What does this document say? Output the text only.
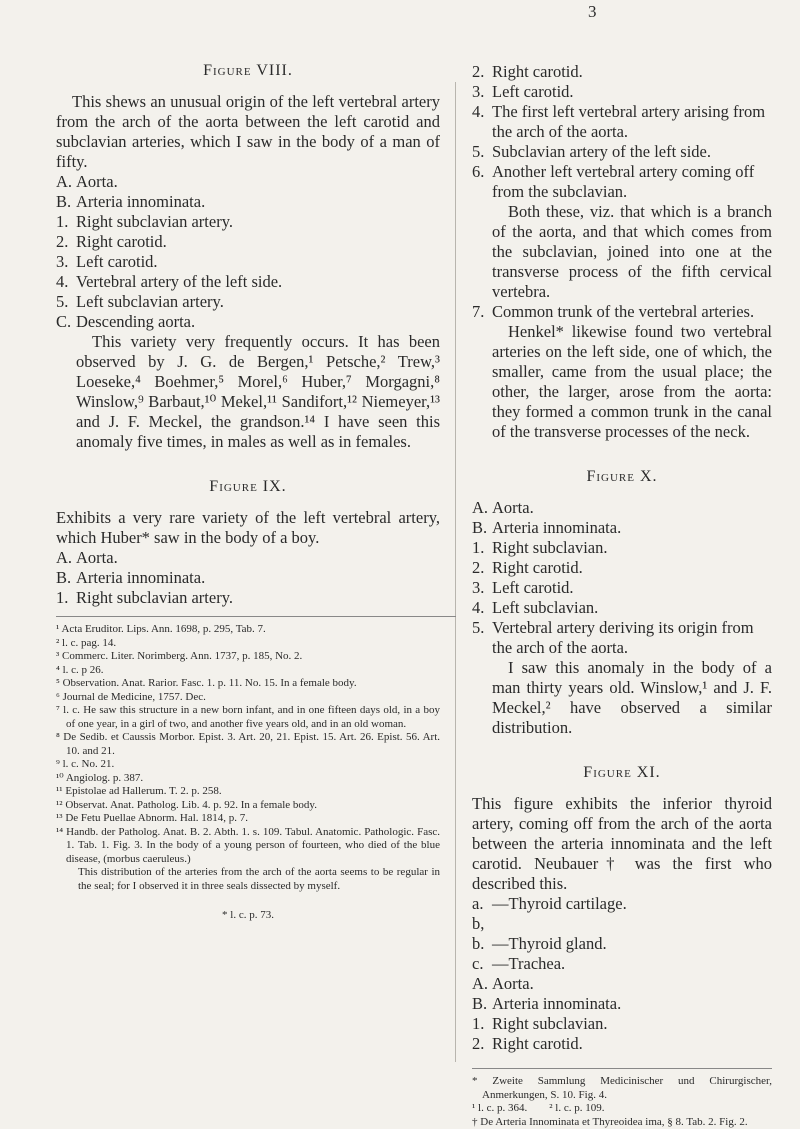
3
Figure VIII.

This shews an unusual origin of the left vertebral artery from the arch of the aorta between the left carotid and subclavian arteries, which I saw in the body of a man of fifty.

A. Aorta.

B. Arteria innominata.

1. Right subclavian artery.

2. Right carotid.

3. Left carotid.

4. Vertebral artery of the left side.

5. Left subclavian artery.

C. Descending aorta.

This variety very frequently occurs. It has been observed by J. G. de Bergen,¹ Petsche,² Trew,³ Loeseke,⁴ Boehmer,⁵ Morel,⁶ Huber,⁷ Morgagni,⁸ Winslow,⁹ Barbaut,¹⁰ Mekel,¹¹ Sandifort,¹² Niemeyer,¹³ and J. F. Meckel, the grandson.¹⁴ I have seen this anomaly five times, in males as well as in females.

Figure IX.

Exhibits a very rare variety of the left vertebral artery, which Huber* saw in the body of a boy.

A. Aorta.

B. Arteria innominata.

1. Right subclavian artery.

¹ Acta Eruditor. Lips. Ann. 1698, p. 295, Tab. 7.

² l. c. pag. 14.

³ Commerc. Liter. Norimberg. Ann. 1737, p. 185, No. 2.

⁴ l. c. p 26.

⁵ Observation. Anat. Rarior. Fasc. 1. p. 11. No. 15. In a female body.

⁶ Journal de Medicine, 1757. Dec.

⁷ l. c. He saw this structure in a new born infant, and in one fifteen days old, in a boy of one year, in a girl of two, and another five years old, and in an old woman.

⁸ De Sedib. et Caussis Morbor. Epist. 3. Art. 20, 21. Epist. 15. Art. 26. Epist. 56. Art. 10. and 21.

⁹ l. c. No. 21.

¹⁰ Angiolog. p. 387.

¹¹ Epistolae ad Hallerum. T. 2. p. 258.

¹² Observat. Anat. Patholog. Lib. 4. p. 92. In a female body.

¹³ De Fetu Puellae Abnorm. Hal. 1814, p. 7.

¹⁴ Handb. der Patholog. Anat. B. 2. Abth. 1. s. 109. Tabul. Anatomic. Pathologic. Fasc. 1. Tab. 1. Fig. 3. In the body of a young person of fourteen, who died of the blue disease, (morbus caeruleus.)

This distribution of the arteries from the arch of the aorta seems to be regular in the seal; for I observed it in three seals dissected by myself.

* l. c. p. 73.

2. Right carotid.

3. Left carotid.

4. The first left vertebral artery arising from the arch of the aorta.

5. Subclavian artery of the left side.

6. Another left vertebral artery coming off from the subclavian.

Both these, viz. that which is a branch of the aorta, and that which comes from the subclavian, joined into one at the transverse process of the fifth cervical vertebra.

7. Common trunk of the vertebral arteries.

Henkel* likewise found two vertebral arteries on the left side, one of which, the smaller, came from the usual place; the other, the larger, arose from the aorta: they formed a common trunk in the canal of the transverse processes of the neck.

Figure X.

A. Aorta.

B. Arteria innominata.

1. Right subclavian.

2. Right carotid.

3. Left carotid.

4. Left subclavian.

5. Vertebral artery deriving its origin from the arch of the aorta.

I saw this anomaly in the body of a man thirty years old. Winslow,¹ and J. F. Meckel,² have observed a similar distribution.

Figure XI.

This figure exhibits the inferior thyroid artery, coming off from the arch of the aorta between the arteria innominata and the left carotid. Neubauer† was the first who described this.

a. —Thyroid cartilage.

b, b. —Thyroid gland.

c. —Trachea.

A. Aorta.

B. Arteria innominata.

1. Right subclavian.

2. Right carotid.

* Zweite Sammlung Medicinischer und Chirurgischer, Anmerkungen, S. 10. Fig. 4.

¹ l. c. p. 364.        ² l. c. p. 109.

† De Arteria Innominata et Thyreoidea ima, § 8. Tab. 2. Fig. 2.
